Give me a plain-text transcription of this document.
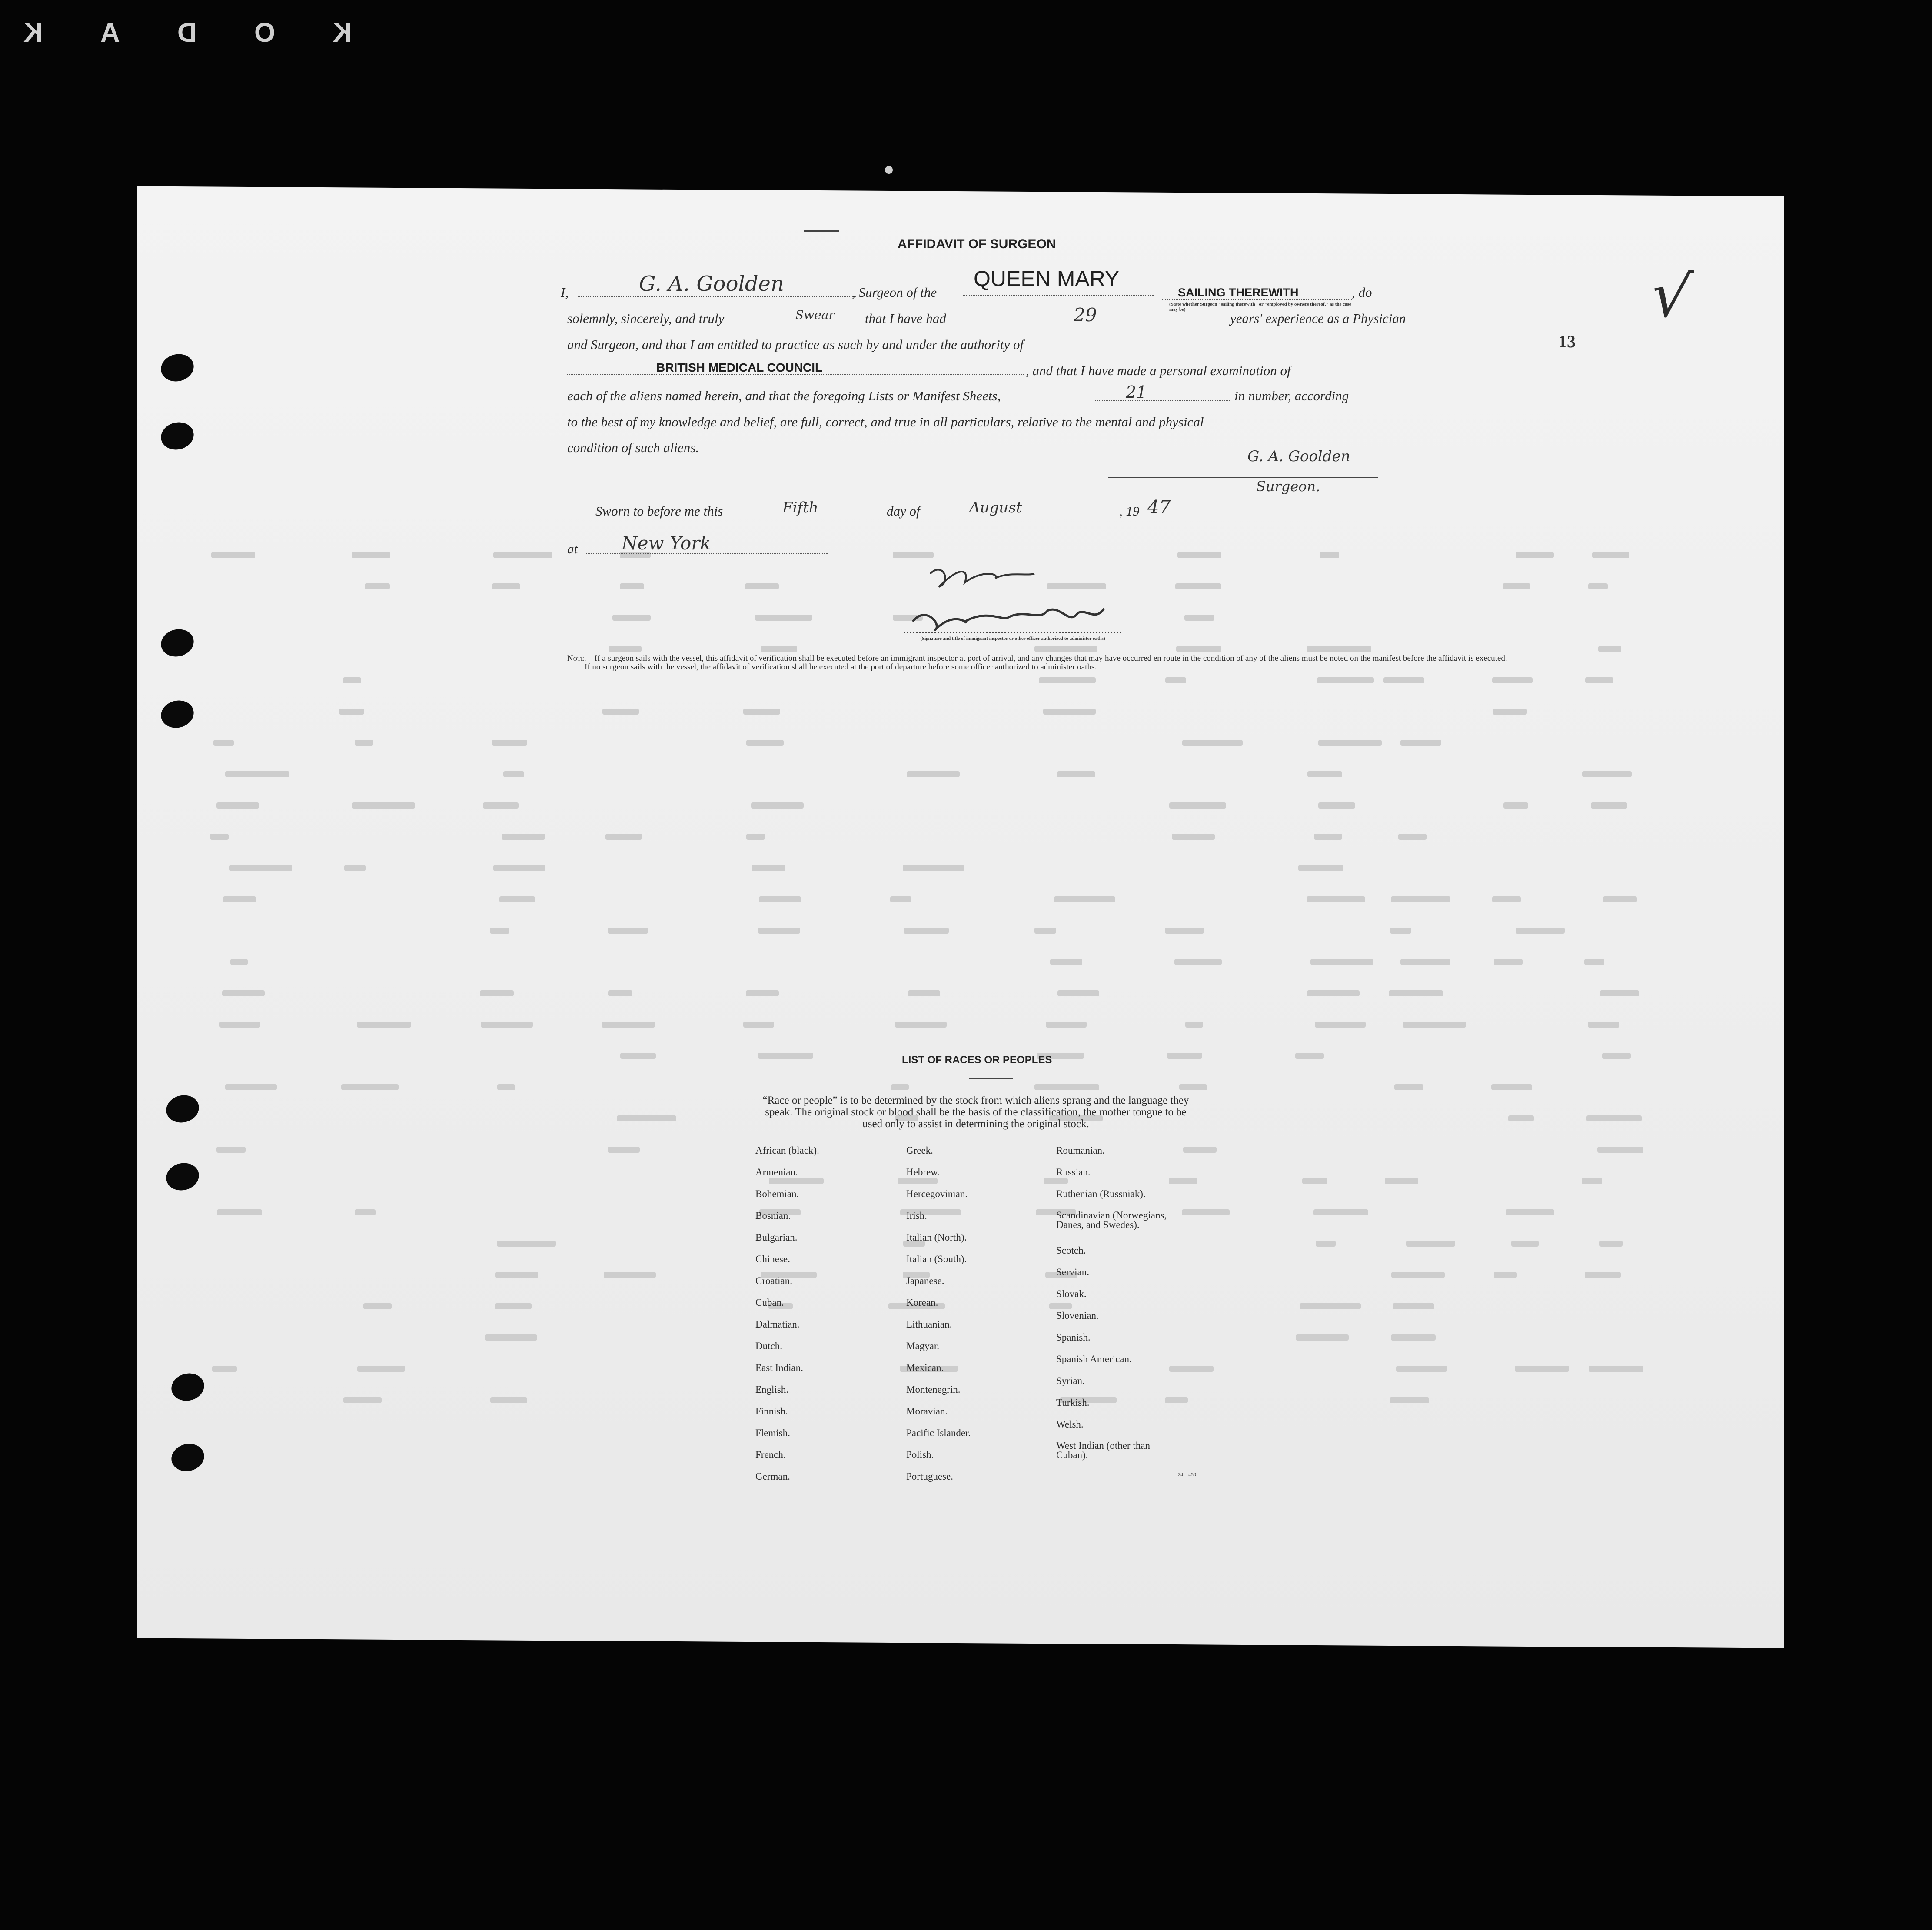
K
O
D
A
K
AFFIDAVIT OF SURGEON
I,	G. A. Goolden	, Surgeon of the
QUEEN MARY
SAILING THEREWITH
(State whether Surgeon "sailing therewith" or "employed by owners thereof," as the case may be)
, do
solemnly, sincerely, and truly	Swear that I have had	29	years' experience as a Physician
and Surgeon, and that I am entitled to practice as such by and under the authority of
BRITISH MEDICAL COUNCIL	, and that I have made a personal examination of
each of the aliens named herein, and that the foregoing Lists or Manifest Sheets,	21	in number, according
to the best of my knowledge and belief, are full, correct, and true in all particulars, relative to the mental and physical
condition of such aliens.
G. A. Goolden
Surgeon.
Sworn to before me this	Fifth	day of	August	, 19 47
at New York
(Signature and title of immigrant inspector or other officer authorized to administer oaths)
13
√
Note.—If a surgeon sails with the vessel, this affidavit of verification shall be executed before an immigrant inspector at port of arrival, and any changes that may have occurred en route in the condition of any of the aliens must be noted on the manifest before the affidavit is executed.
If no surgeon sails with the vessel, the affidavit of verification shall be executed at the port of departure before some officer authorized to administer oaths.
LIST OF RACES OR PEOPLES
“Race or people” is to be determined by the stock from which aliens sprang and the language they speak. The original stock or blood shall be the basis of the classification, the mother tongue to be used only to assist in determining the original stock.
African (black).
Armenian.
Bohemian.
Bosnian.
Bulgarian.
Chinese.
Croatian.
Cuban.
Dalmatian.
Dutch.
East Indian.
English.
Finnish.
Flemish.
French.
German.
Greek.
Hebrew.
Hercegovinian.
Irish.
Italian (North).
Italian (South).
Japanese.
Korean.
Lithuanian.
Magyar.
Mexican.
Montenegrin.
Moravian.
Pacific Islander.
Polish.
Portuguese.
Roumanian.
Russian.
Ruthenian (Russniak).
Scandinavian (Norwegians, Danes, and Swedes).
Scotch.
Servian.
Slovak.
Slovenian.
Spanish.
Spanish American.
Syrian.
Turkish.
Welsh.
West Indian (other than Cuban).
24—450
